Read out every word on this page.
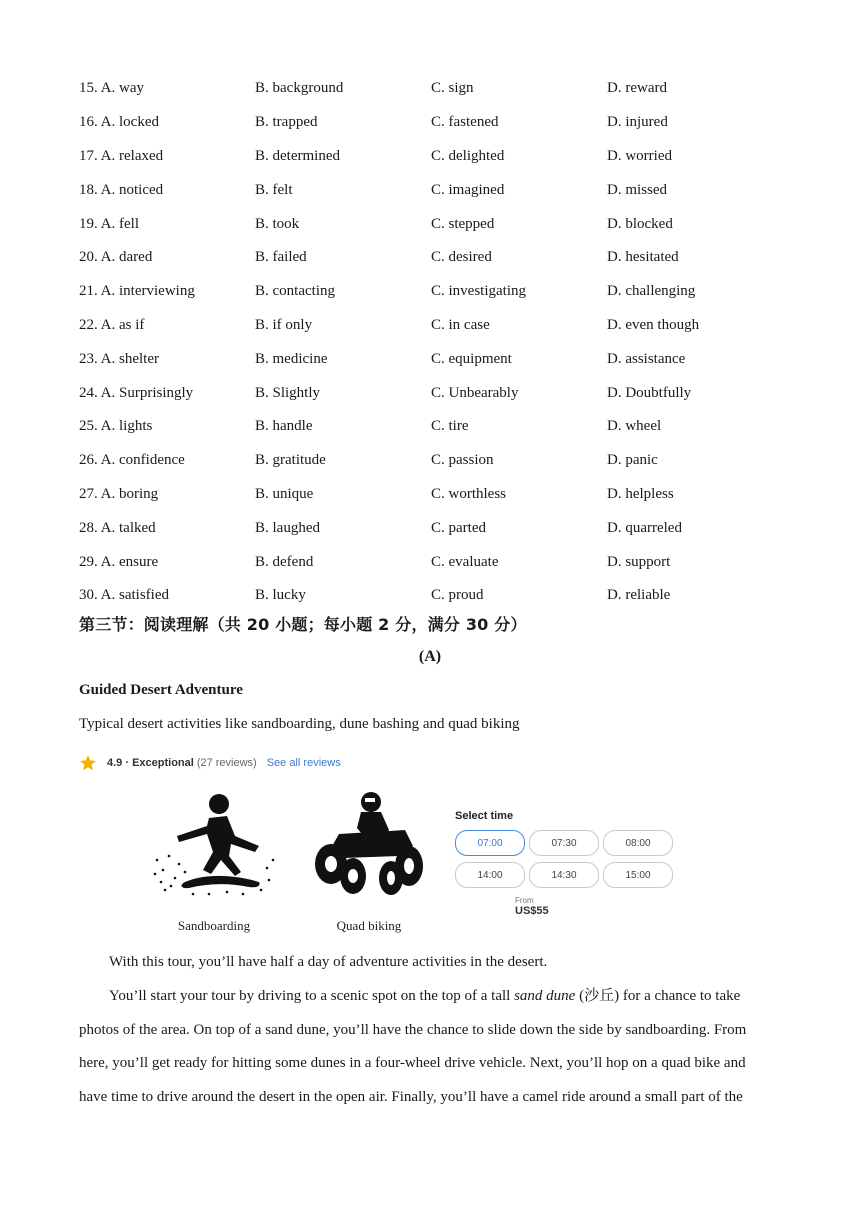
15. A. way	B. background	C. sign	D. reward
16. A. locked	B. trapped	C. fastened	D. injured
17. A. relaxed	B. determined	C. delighted	D. worried
18. A. noticed	B. felt	C. imagined	D. missed
19. A. fell	B. took	C. stepped	D. blocked
20. A. dared	B. failed	C. desired	D. hesitated
21. A. interviewing	B. contacting	C. investigating	D. challenging
22. A. as if	B. if only	C. in case	D. even though
23. A. shelter	B. medicine	C. equipment	D. assistance
24. A. Surprisingly	B. Slightly	C. Unbearably	D. Doubtfully
25. A. lights	B. handle	C. tire	D. wheel
26. A. confidence	B. gratitude	C. passion	D. panic
27. A. boring	B. unique	C. worthless	D. helpless
28. A. talked	B. laughed	C. parted	D. quarreled
29. A. ensure	B. defend	C. evaluate	D. support
30. A. satisfied	B. lucky	C. proud	D. reliable
第三节：阅读理解（共 20 小题；每小题 2 分，满分 30 分）
(A)
Guided Desert Adventure
Typical desert activities like sandboarding, dune bashing and quad biking
4.9 · Exceptional (27 reviews) See all reviews
Sandboarding	Quad biking
Select time
07:00	07:30	08:00
14:00	14:30	15:00
From
US$55
With this tour, you’ll have half a day of adventure activities in the desert.
You’ll start your tour by driving to a scenic spot on the top of a tall sand dune (沙丘) for a chance to take photos of the area. On top of a sand dune, you’ll have the chance to slide down the side by sandboarding. From here, you’ll get ready for hitting some dunes in a four-wheel drive vehicle. Next, you’ll hop on a quad bike and have time to drive around the desert in the open air. Finally, you’ll have a camel ride around a small part of the
